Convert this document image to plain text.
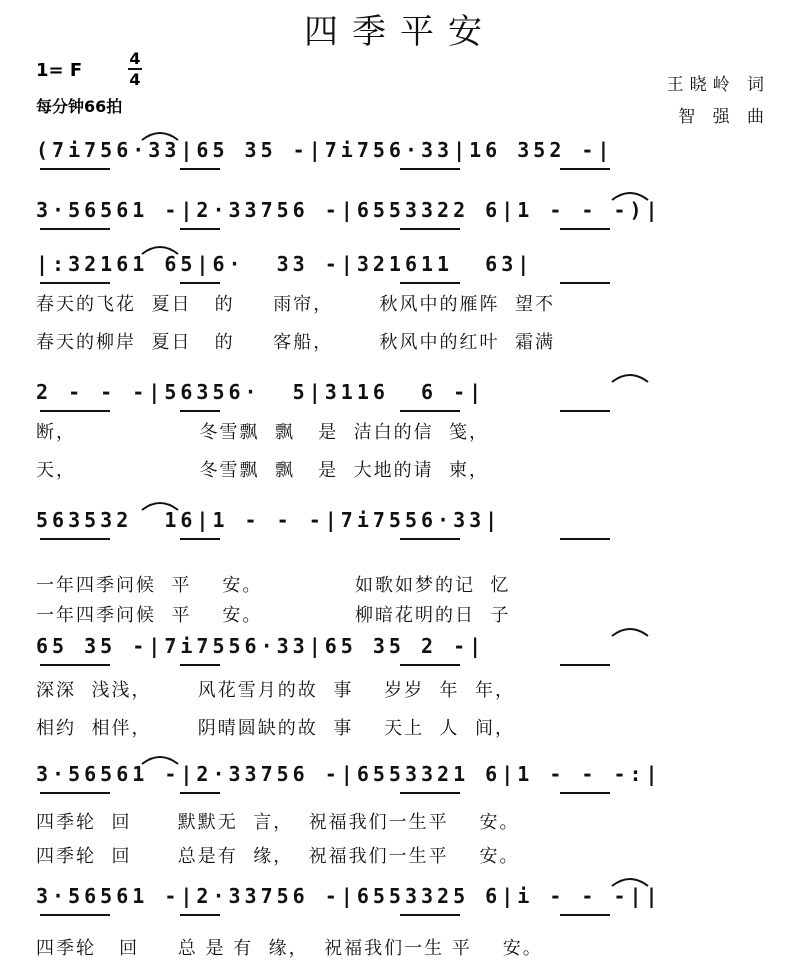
四季平安
1= F
4
4
每分钟66拍
王晓岭 词
智 强 曲
(7i756·33|65 35 -|7i756·33|16 352 -|
3·56561 -|2·33756 -|6553322 6|1 - - -)|
|:32161 65|6·  33 -|321611  63|
春天的飞花  夏日   的     雨帘，      秋风中的雁阵  望不
春天的柳岸  夏日   的     客船，      秋风中的红叶  霜满
2 - - -|56356·  5|3116  6 -|
断，                冬雪飘  飘   是  洁白的信  笺，
天，                冬雪飘  飘   是  大地的请  柬，
563532  16|1 - - -|7i7556·33|
一年四季问候  平    安。            如歌如梦的记  忆
一年四季问候  平    安。            柳暗花明的日  子
65 35 -|7i7556·33|65 35 2 -|
深深  浅浅，      风花雪月的故  事    岁岁  年  年，
相约  相伴，      阴晴圆缺的故  事    天上  人  间，
3·56561 -|2·33756 -|6553321 6|1 - - -:|
四季轮  回      默默无  言，  祝福我们一生平    安。
四季轮  回      总是有  缘，  祝福我们一生平    安。
3·56561 -|2·33756 -|6553325 6|i - - -||
四季轮   回     总 是 有  缘，  祝福我们一生 平    安。
